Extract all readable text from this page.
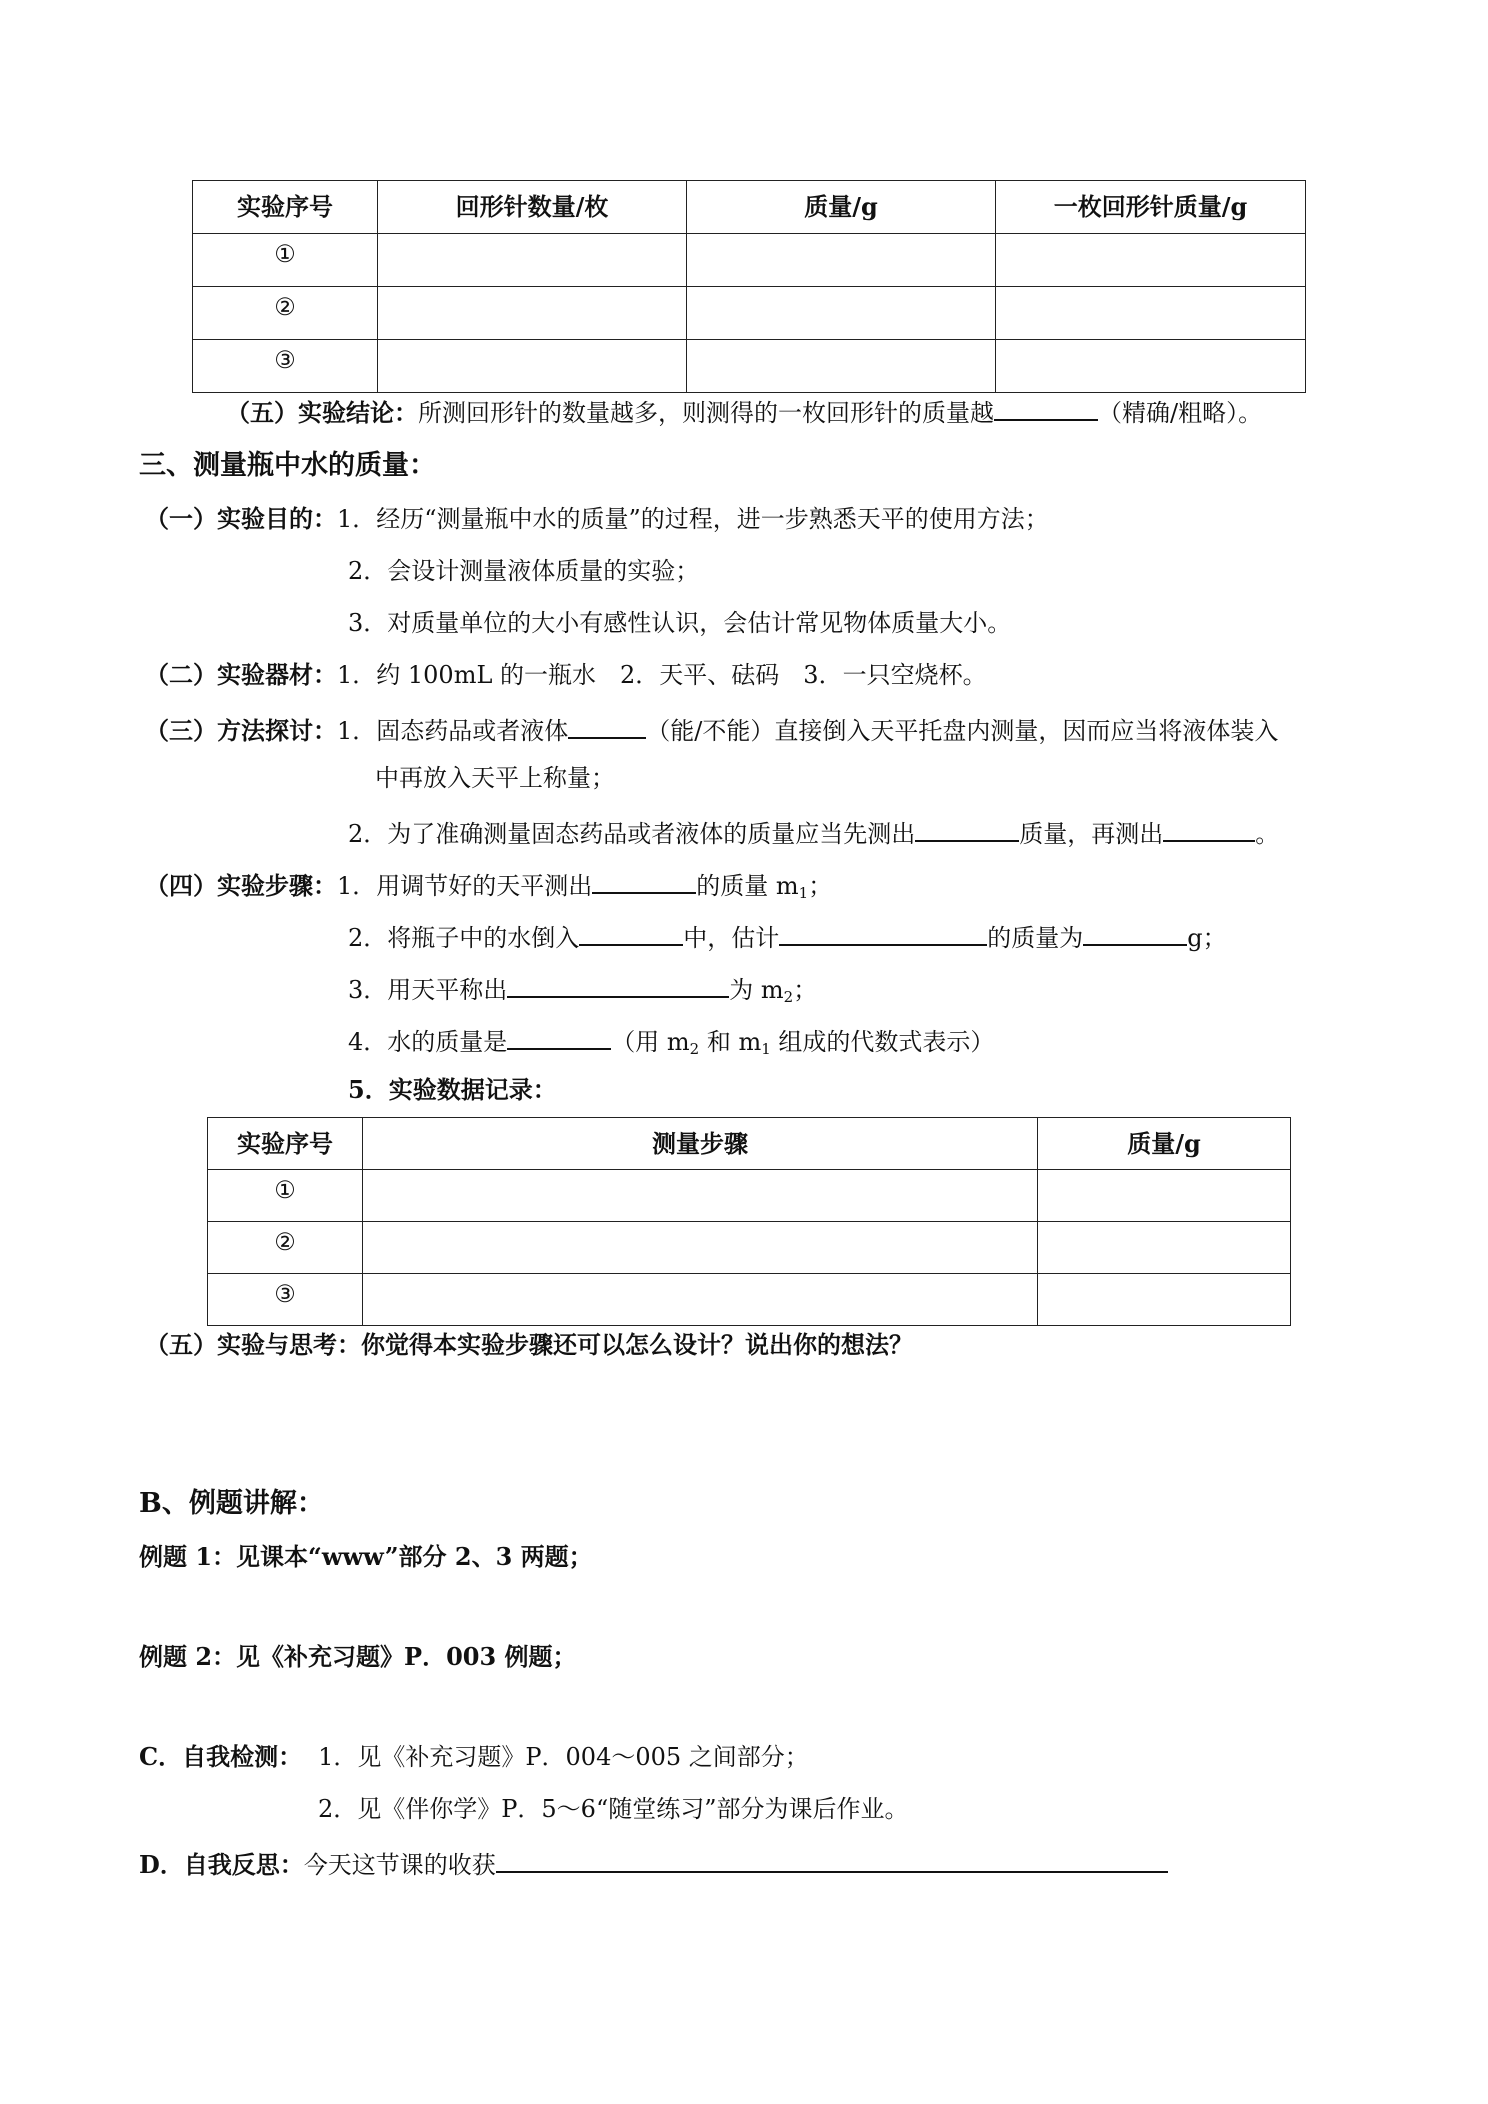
实验序号	回形针数量/枚	质量/g	一枚回形针质量/g
①			
②			
③			
（五）实验结论：所测回形针的数量越多，则测得的一枚回形针的质量越	（精确/粗略）。
三、测量瓶中水的质量：
（一）实验目的：1．经历“测量瓶中水的质量”的过程，进一步熟悉天平的使用方法；
2．会设计测量液体质量的实验；
3．对质量单位的大小有感性认识，会估计常见物体质量大小。
（二）实验器材：1．约 100mL 的一瓶水　2．天平、砝码　3．一只空烧杯。
（三）方法探讨：1．固态药品或者液体	（能/不能）直接倒入天平托盘内测量，因而应当将液体装入
中再放入天平上称量；
2．为了准确测量固态药品或者液体的质量应当先测出	质量，再测出	。
（四）实验步骤：1．用调节好的天平测出	的质量 $m_1$；
2．将瓶子中的水倒入	中，估计	的质量为	g；
3．用天平称出	为 $m_2$；
4．水的质量是	（用 $m_2$ 和 $m_1$ 组成的代数式表示）
5．实验数据记录：
实验序号	测量步骤	质量/g
①		
②		
③		
（五）实验与思考：你觉得本实验步骤还可以怎么设计？说出你的想法？
B、例题讲解：
例题 1：见课本“www”部分 2、3 两题；
例题 2：见《补充习题》P．003 例题；
C．自我检测： 1．见《补充习题》P．004～005 之间部分；
2．见《伴你学》P．5～6“随堂练习”部分为课后作业。
D．自我反思：今天这节课的收获
